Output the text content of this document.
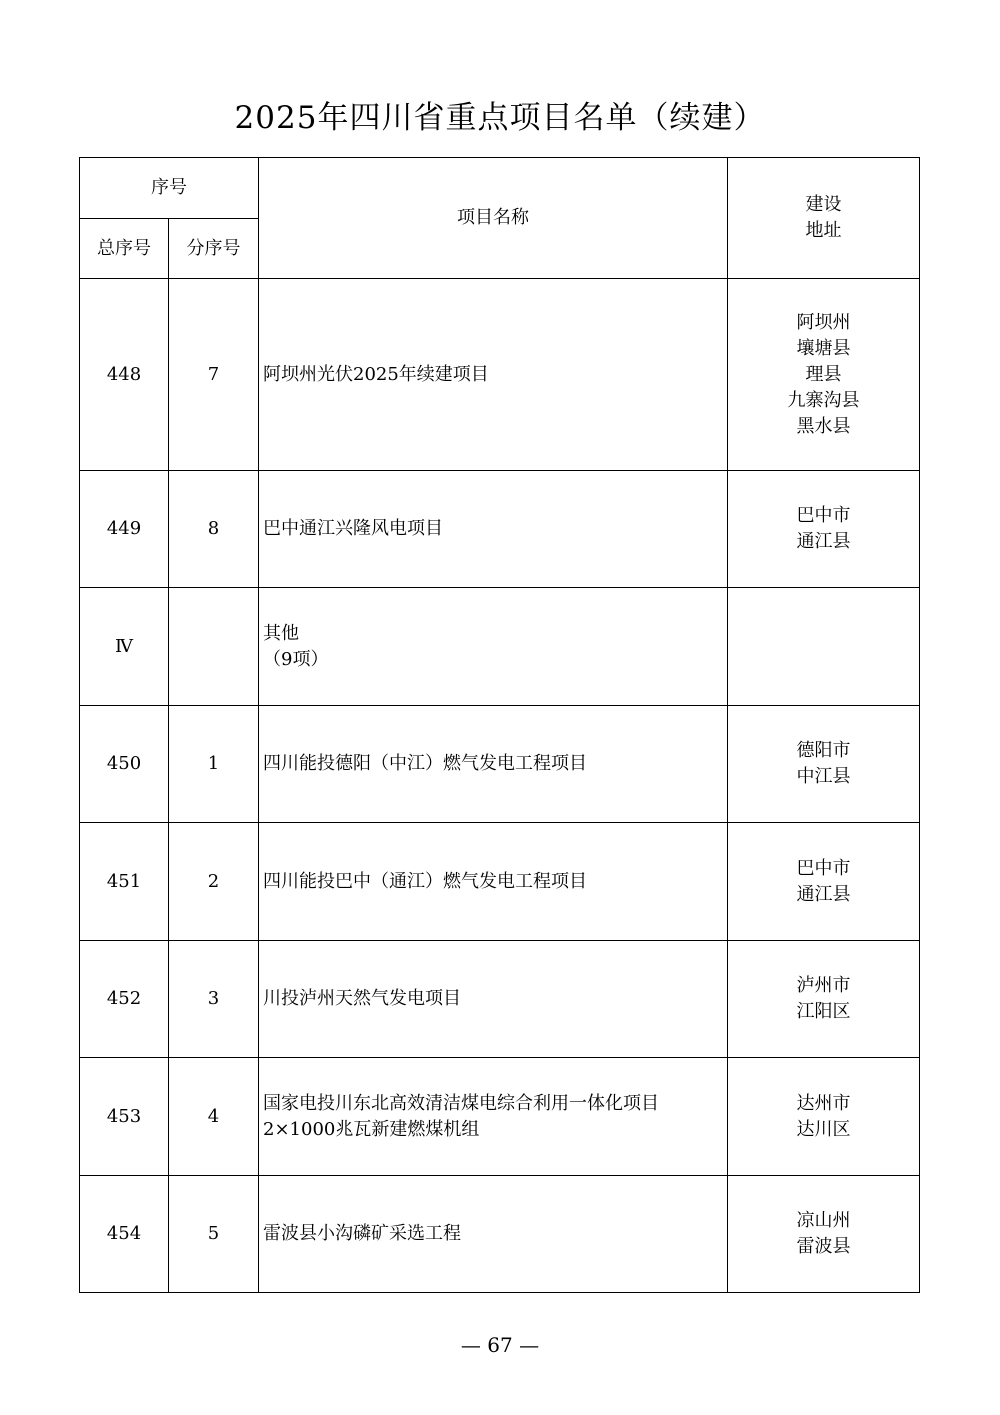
2025年四川省重点项目名单（续建）
序号		项目名称	建设
地址

总序号	分序号		
448	7	阿坝州光伏2025年续建项目	阿坝州
壤塘县
理县
九寨沟县
黑水县

449	8	巴中通江兴隆风电项目	巴中市
通江县

Ⅳ		其他
（9项）	

450	1	四川能投德阳（中江）燃气发电工程项目	德阳市
中江县

451	2	四川能投巴中（通江）燃气发电工程项目	巴中市
通江县

452	3	川投泸州天然气发电项目	泸州市
江阳区

453	4	国家电投川东北高效清洁煤电综合利用一体化项目
2×1000兆瓦新建燃煤机组	达州市
达川区

454	5	雷波县小沟磷矿采选工程	凉山州
雷波县
— 67 —
